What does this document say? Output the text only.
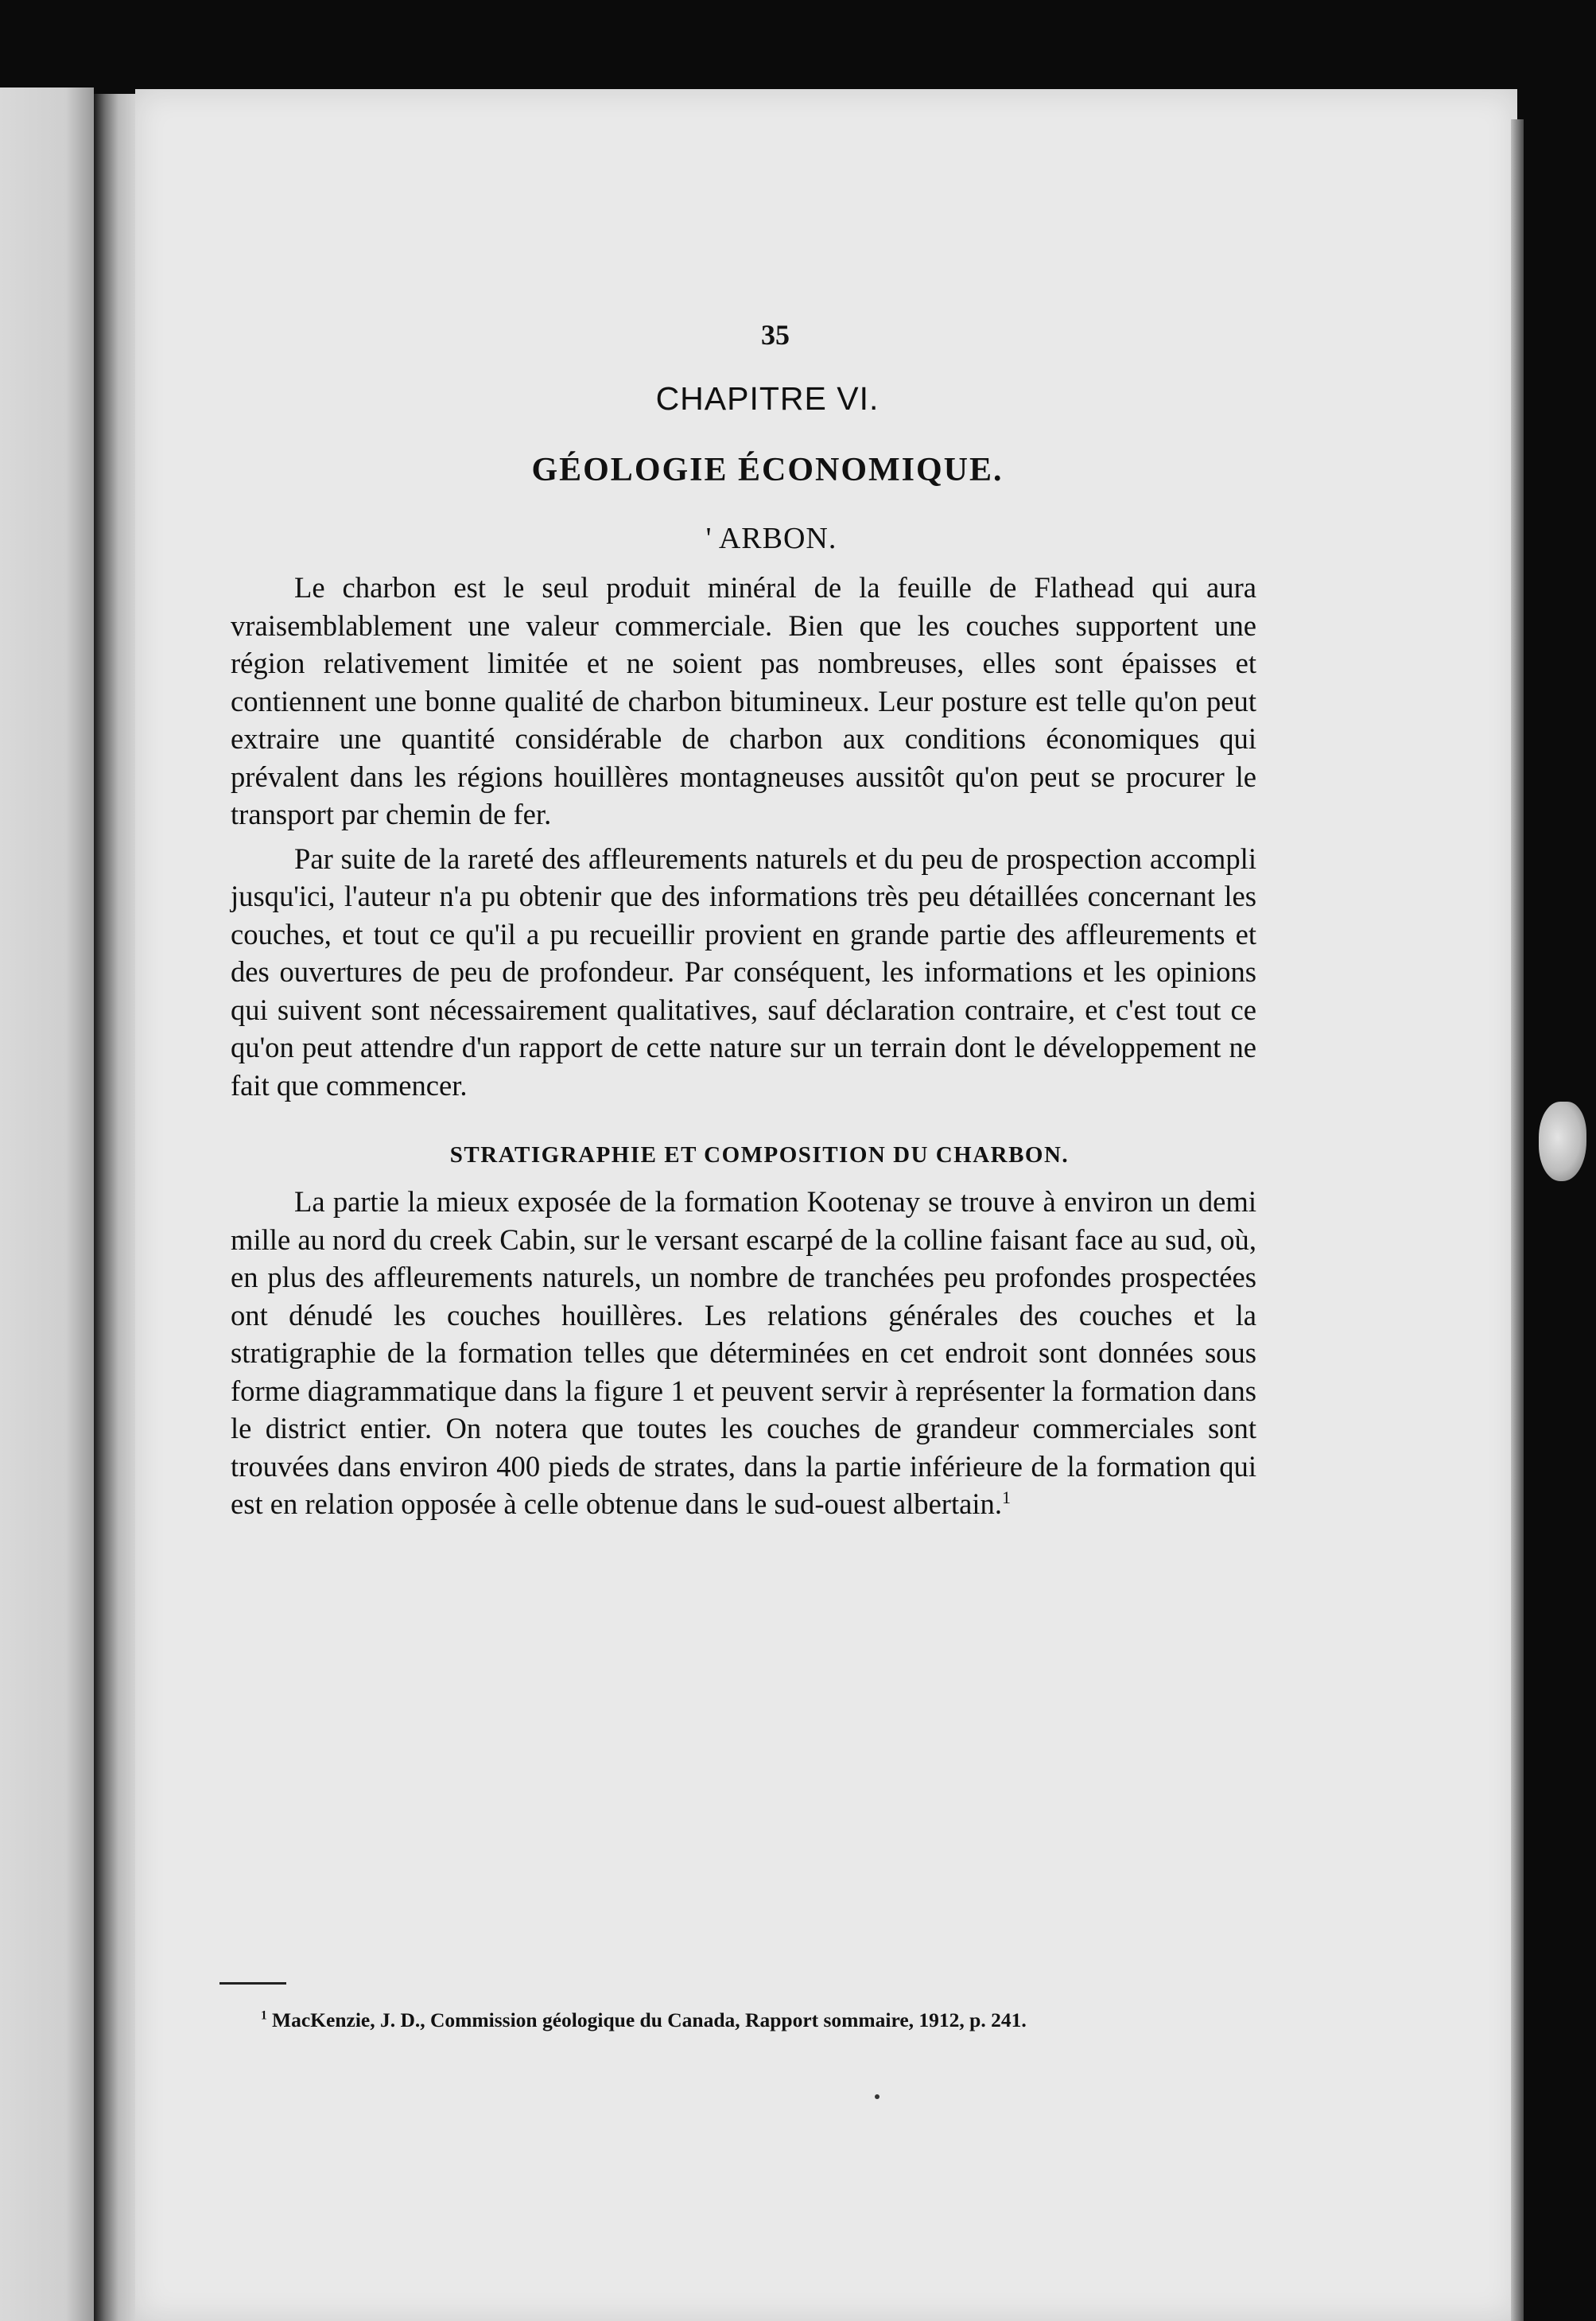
35

CHAPITRE VI.

GÉOLOGIE ÉCONOMIQUE.

' ARBON.

Le charbon est le seul produit minéral de la feuille de Flathead qui aura vraisemblablement une valeur commerciale. Bien que les couches supportent une région relativement limitée et ne soient pas nombreuses, elles sont épaisses et contiennent une bonne qualité de charbon bitumineux. Leur posture est telle qu'on peut extraire une quantité considérable de charbon aux conditions économiques qui prévalent dans les régions houillères montagneuses aussitôt qu'on peut se procurer le transport par chemin de fer.

Par suite de la rareté des affleurements naturels et du peu de prospection accompli jusqu'ici, l'auteur n'a pu obtenir que des informations très peu détaillées concernant les couches, et tout ce qu'il a pu recueillir provient en grande partie des affleurements et des ouvertures de peu de profondeur. Par conséquent, les informations et les opinions qui suivent sont nécessairement qualitatives, sauf déclaration contraire, et c'est tout ce qu'on peut attendre d'un rapport de cette nature sur un terrain dont le développement ne fait que commencer.

STRATIGRAPHIE ET COMPOSITION DU CHARBON.

La partie la mieux exposée de la formation Kootenay se trouve à environ un demi mille au nord du creek Cabin, sur le versant escarpé de la colline faisant face au sud, où, en plus des affleurements naturels, un nombre de tranchées peu profondes prospectées ont dénudé les couches houillères. Les relations générales des couches et la stratigraphie de la formation telles que déterminées en cet endroit sont données sous forme diagrammatique dans la figure 1 et peuvent servir à représenter la formation dans le district entier. On notera que toutes les couches de grandeur commerciales sont trouvées dans environ 400 pieds de strates, dans la partie inférieure de la formation qui est en relation opposée à celle obtenue dans le sud-ouest albertain.$^1$

$^1$ MacKenzie, J. D., Commission géologique du Canada, Rapport sommaire, 1912, p. 241.
